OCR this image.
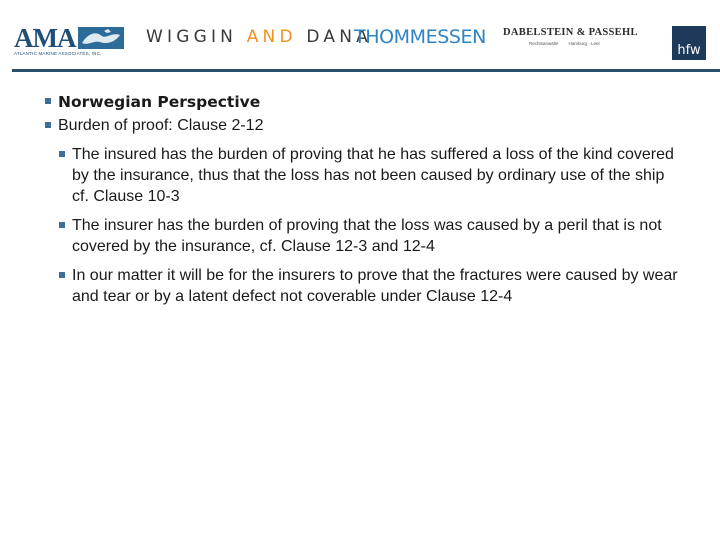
AMA
ATLANTIC MARINE ASSOCIATES, INC.
WIGGIN AND DANA
THOMMESSEN DABELSTEIN & PASSEHL
Rechtsanwälte Hamburg · Leer	hfw
Norwegian Perspective
Burden of proof: Clause 2-12
The insured has the burden of proving that he has suffered a loss of the kind covered by the insurance, thus that the loss has not been caused by ordinary use of the ship cf. Clause 10-3
The insurer has the burden of proving that the loss was caused by a peril that is not covered by the insurance, cf. Clause 12-3 and 12-4
In our matter it will be for the insurers to prove that the fractures were caused by wear and tear or by a latent defect not coverable under Clause 12-4
